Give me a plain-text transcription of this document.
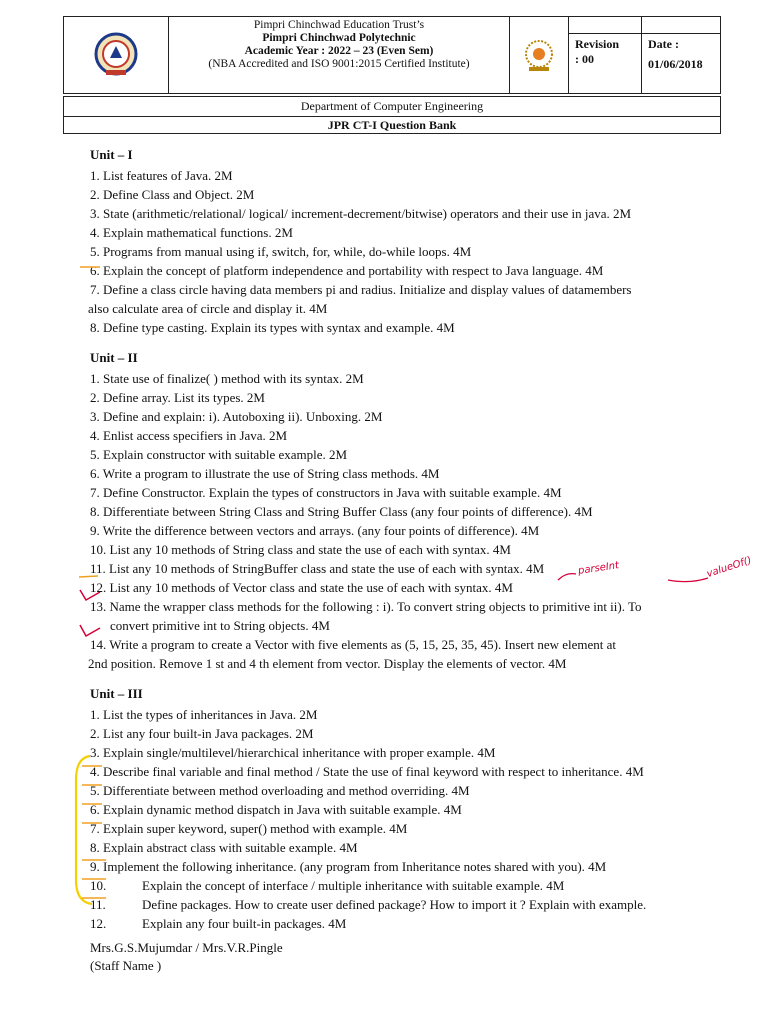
Pimpri Chinchwad Education Trust’s
Pimpri Chinchwad Polytechnic
Academic Year : 2022 – 23 (Even Sem)
(NBA Accredited and ISO 9001:2015 Certified Institute)
Revision
: 00
Date :
01/06/2018
Department of Computer Engineering
JPR CT-I Question Bank
Unit – I
1. List features of Java. 2M
2. Define Class and Object. 2M
3. State (arithmetic/relational/ logical/ increment-decrement/bitwise) operators and their use in java. 2M
4. Explain mathematical functions. 2M
5. Programs from manual using if, switch, for, while, do-while loops. 4M
6. Explain the concept of platform independence and portability with respect to Java language. 4M
7. Define a class circle having data members pi and radius. Initialize and display values of datamembers
also calculate area of circle and display it. 4M
8. Define type casting. Explain its types with syntax and example. 4M
Unit – II
1. State use of finalize( ) method with its syntax. 2M
2. Define array. List its types. 2M
3. Define and explain: i). Autoboxing ii). Unboxing. 2M
4. Enlist access specifiers in Java. 2M
5. Explain constructor with suitable example. 2M
6. Write a program to illustrate the use of String class methods. 4M
7. Define Constructor. Explain the types of constructors in Java with suitable example. 4M
8. Differentiate between String Class and String Buffer Class (any four points of difference). 4M
9. Write the difference between vectors and arrays. (any four points of difference). 4M
10. List any 10 methods of String class and state the use of each with syntax. 4M
11. List any 10 methods of StringBuffer class and state the use of each with syntax. 4M
12. List any 10 methods of Vector class and state the use of each with syntax. 4M
13. Name the wrapper class methods for the following : i). To convert string objects to primitive int ii). To
convert primitive int to String objects. 4M
14. Write a program to create a Vector with five elements as (5, 15, 25, 35, 45). Insert new element at
2nd position. Remove 1 st and 4 th element from vector. Display the elements of vector. 4M
Unit – III
1. List the types of inheritances in Java. 2M
2. List any four built-in Java packages. 2M
3. Explain single/multilevel/hierarchical inheritance with proper example. 4M
4. Describe final variable and final method / State the use of final keyword with respect to inheritance. 4M
5. Differentiate between method overloading and method overriding. 4M
6. Explain dynamic method dispatch in Java with suitable example. 4M
7. Explain super keyword, super() method with example. 4M
8. Explain abstract class with suitable example. 4M
9. Implement the following inheritance. (any program from Inheritance notes shared with you). 4M
10.	Explain the concept of interface / multiple inheritance with suitable example. 4M
11.	Define packages. How to create user defined package? How to import it ? Explain with example.
12.	Explain any four built-in packages. 4M
Mrs.G.S.Mujumdar / Mrs.V.R.Pingle
(Staff Name )
parseInt	valueOf()
